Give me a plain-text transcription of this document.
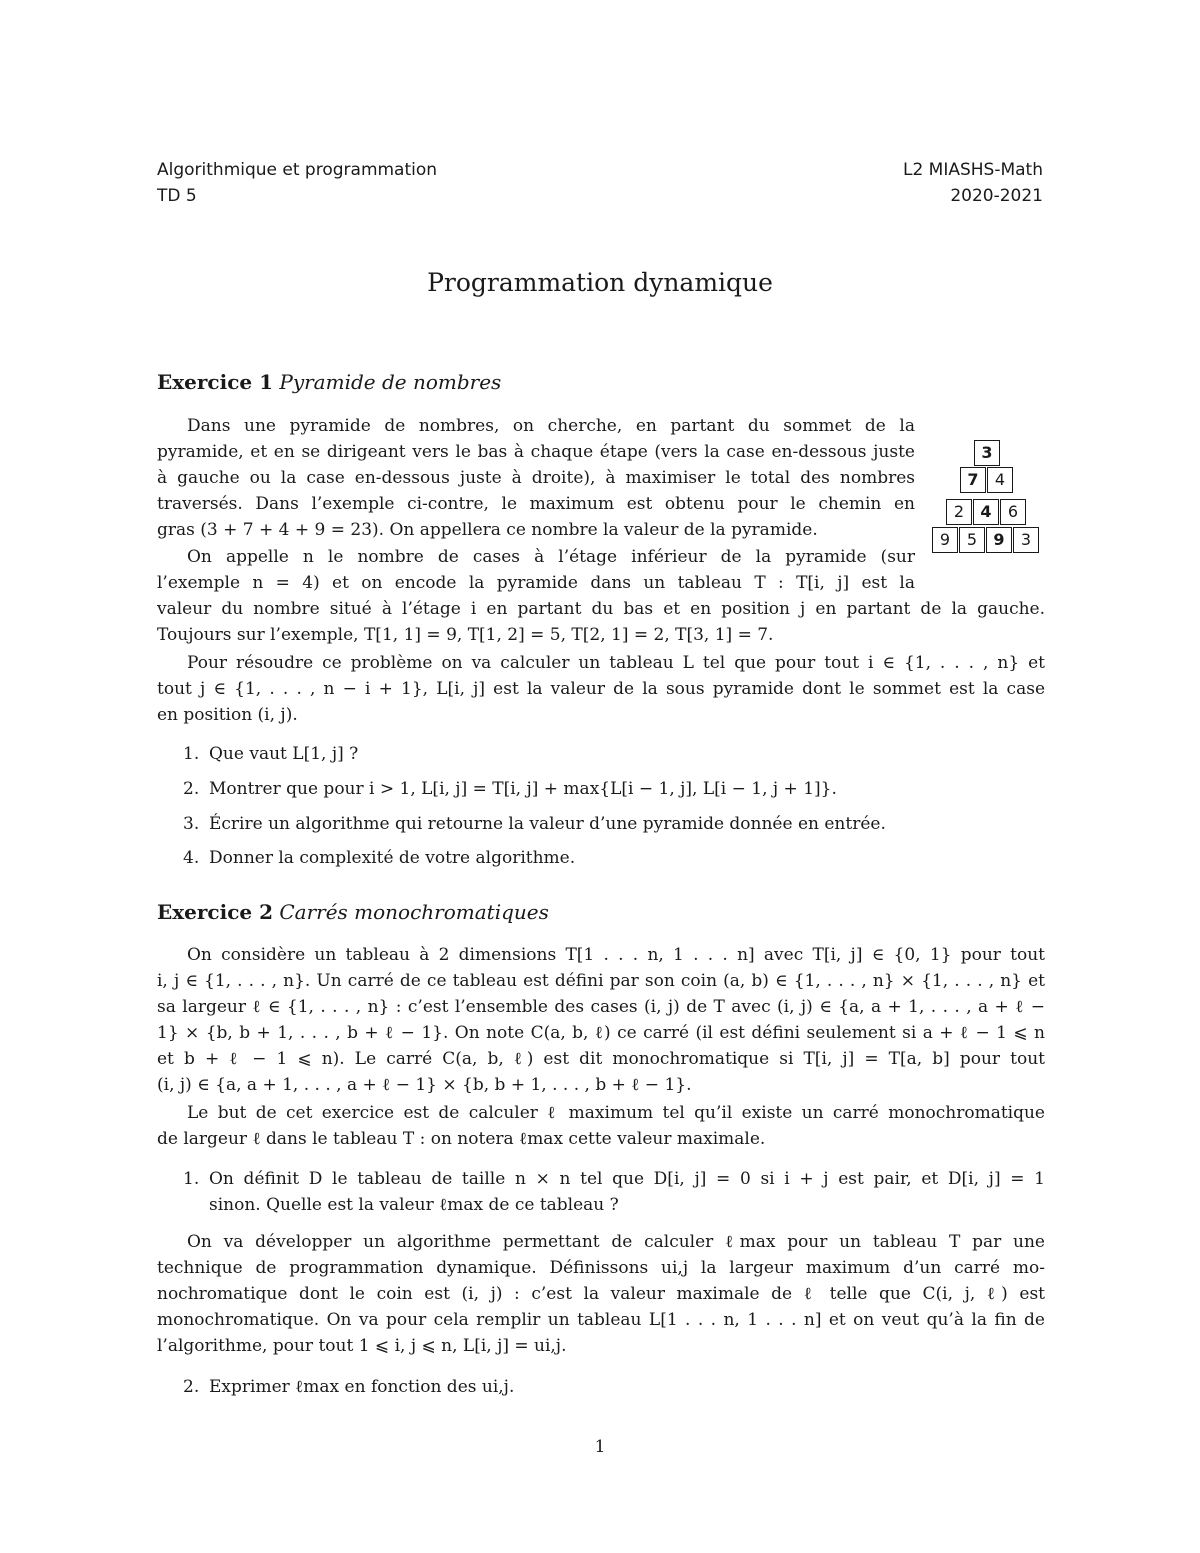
Algorithmique et programmation
TD 5
L2 MIASHS-Math
2020-2021
Programmation dynamique
Exercice 1 Pyramide de nombres
Dans une pyramide de nombres, on cherche, en partant du sommet de la
pyramide, et en se dirigeant vers le bas à chaque étape (vers la case en-dessous juste
à gauche ou la case en-dessous juste à droite), à maximiser le total des nombres
traversés. Dans l’exemple ci-contre, le maximum est obtenu pour le chemin en
gras (3 + 7 + 4 + 9 = 23). On appellera ce nombre la valeur de la pyramide.
On appelle n le nombre de cases à l’étage inférieur de la pyramide (sur
l’exemple n = 4) et on encode la pyramide dans un tableau T : T[i, j] est la
valeur du nombre situé à l’étage i en partant du bas et en position j en partant de la gauche.
Toujours sur l’exemple, T[1, 1] = 9, T[1, 2] = 5, T[2, 1] = 2, T[3, 1] = 7.
Pour résoudre ce problème on va calculer un tableau L tel que pour tout i ∈ {1, . . . , n} et
tout j ∈ {1, . . . , n − i + 1}, L[i, j] est la valeur de la sous pyramide dont le sommet est la case
en position (i, j).
1. Que vaut L[1, j] ?
2. Montrer que pour i > 1, L[i, j] = T[i, j] + max{L[i − 1, j], L[i − 1, j + 1]}.
3. Écrire un algorithme qui retourne la valeur d’une pyramide donnée en entrée.
4. Donner la complexité de votre algorithme.
3
7	4
2	4	6
9	5	9	3
Exercice 2 Carrés monochromatiques
On considère un tableau à 2 dimensions T[1 . . . n, 1 . . . n] avec T[i, j] ∈ {0, 1} pour tout
i, j ∈ {1, . . . , n}. Un carré de ce tableau est défini par son coin (a, b) ∈ {1, . . . , n} × {1, . . . , n} et
sa largeur ℓ ∈ {1, . . . , n} : c’est l’ensemble des cases (i, j) de T avec (i, j) ∈ {a, a + 1, . . . , a + ℓ −
1} × {b, b + 1, . . . , b + ℓ − 1}. On note C(a, b, ℓ) ce carré (il est défini seulement si a + ℓ − 1 ⩽ n
et b + ℓ − 1 ⩽ n). Le carré C(a, b, ℓ) est dit monochromatique si T[i, j] = T[a, b] pour tout
(i, j) ∈ {a, a + 1, . . . , a + ℓ − 1} × {b, b + 1, . . . , b + ℓ − 1}.
Le but de cet exercice est de calculer ℓ maximum tel qu’il existe un carré monochromatique
de largeur ℓ dans le tableau T : on notera ℓmax cette valeur maximale.
1. On définit D le tableau de taille n × n tel que D[i, j] = 0 si i + j est pair, et D[i, j] = 1
sinon. Quelle est la valeur ℓmax de ce tableau ?
On va développer un algorithme permettant de calculer ℓmax pour un tableau T par une
technique de programmation dynamique. Définissons ui,j la largeur maximum d’un carré mo-
nochromatique dont le coin est (i, j) : c’est la valeur maximale de ℓ telle que C(i, j, ℓ) est
monochromatique. On va pour cela remplir un tableau L[1 . . . n, 1 . . . n] et on veut qu’à la fin de
l’algorithme, pour tout 1 ⩽ i, j ⩽ n, L[i, j] = ui,j.
2. Exprimer ℓmax en fonction des ui,j.
1
